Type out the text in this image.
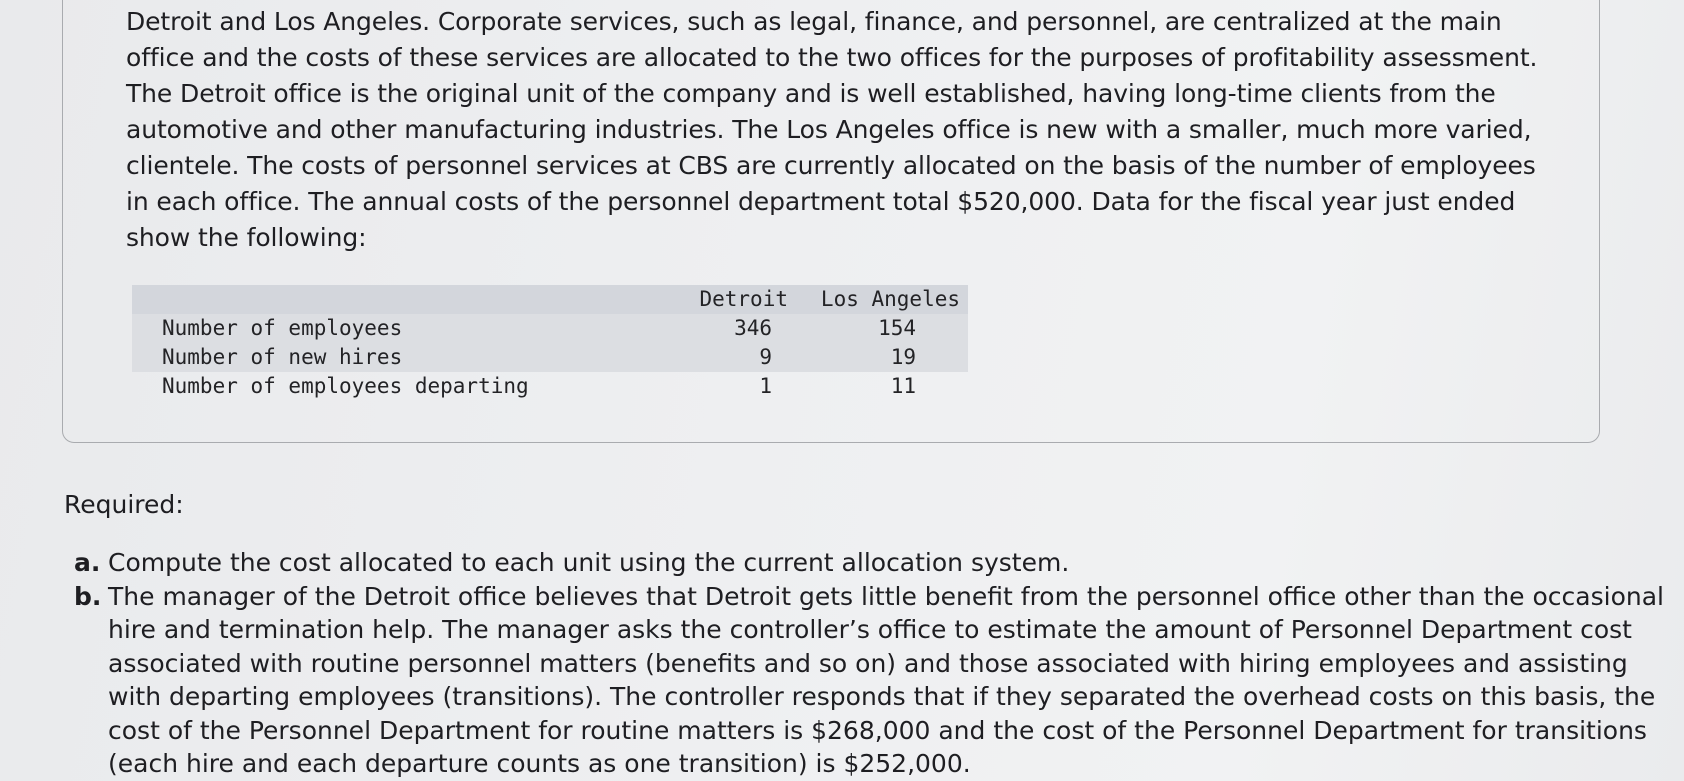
Detroit and Los Angeles. Corporate services, such as legal, finance, and personnel, are centralized at the main office and the costs of these services are allocated to the two offices for the purposes of profitability assessment. The Detroit office is the original unit of the company and is well established, having long-time clients from the automotive and other manufacturing industries. The Los Angeles office is new with a smaller, much more varied, clientele. The costs of personnel services at CBS are currently allocated on the basis of the number of employees in each office. The annual costs of the personnel department total $520,000. Data for the fiscal year just ended show the following:

	Detroit	Los Angeles
Number of employees	346	154
Number of new hires	9	19
Number of employees departing	1	11
Required:
a. Compute the cost allocated to each unit using the current allocation system.
b. The manager of the Detroit office believes that Detroit gets little benefit from the personnel office other than the occasional hire and termination help. The manager asks the controller’s office to estimate the amount of Personnel Department cost associated with routine personnel matters (benefits and so on) and those associated with hiring employees and assisting with departing employees (transitions). The controller responds that if they separated the overhead costs on this basis, the cost of the Personnel Department for routine matters is $268,000 and the cost of the Personnel Department for transitions (each hire and each departure counts as one transition) is $252,000.
